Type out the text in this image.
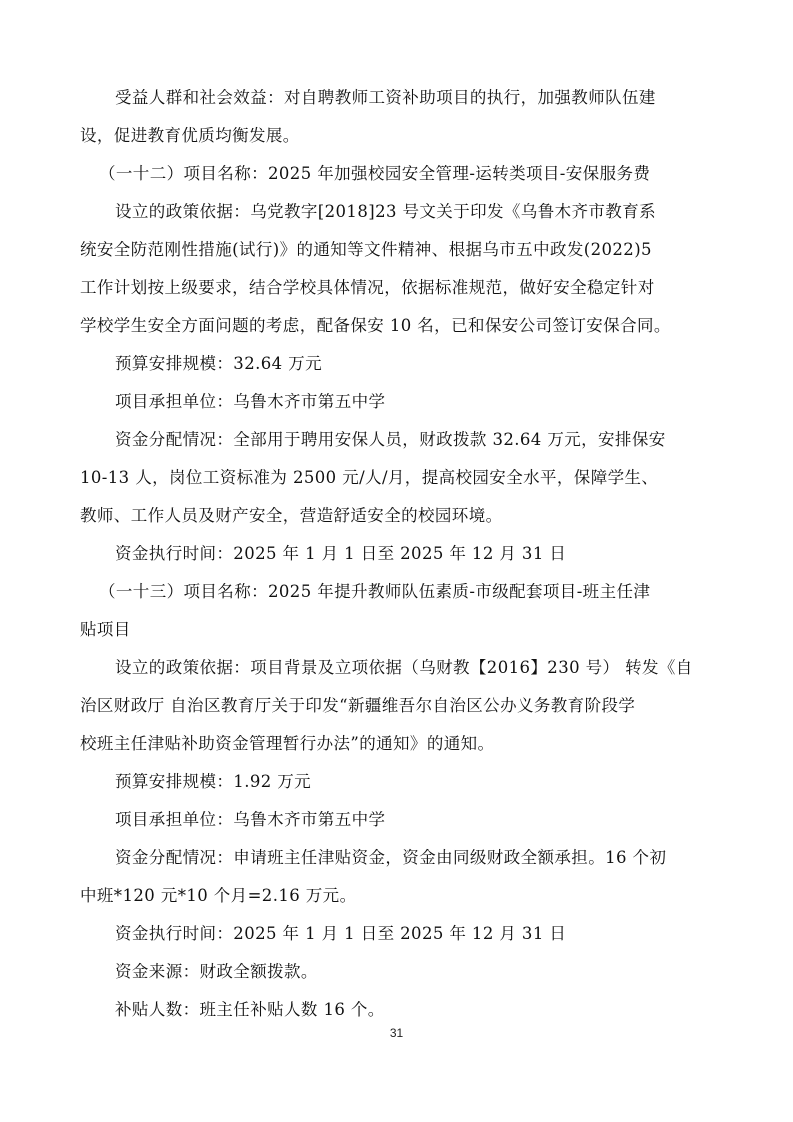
受益人群和社会效益：对自聘教师工资补助项目的执行，加强教师队伍建
设，促进教育优质均衡发展。
（一十二）项目名称：2025 年加强校园安全管理-运转类项目-安保服务费
设立的政策依据：乌党教字[2018]23 号文关于印发《乌鲁木齐市教育系
统安全防范刚性措施(试行)》的通知等文件精神、根据乌市五中政发(2022)5
工作计划按上级要求，结合学校具体情况，依据标准规范，做好安全稳定针对
学校学生安全方面问题的考虑，配备保安 10 名，已和保安公司签订安保合同。
预算安排规模：32.64 万元
项目承担单位：乌鲁木齐市第五中学
资金分配情况：全部用于聘用安保人员，财政拨款 32.64 万元，安排保安
10-13 人，岗位工资标准为 2500 元/人/月，提高校园安全水平，保障学生、
教师、工作人员及财产安全，营造舒适安全的校园环境。
资金执行时间：2025 年 1 月 1 日至 2025 年 12 月 31 日
（一十三）项目名称：2025 年提升教师队伍素质-市级配套项目-班主任津
贴项目
设立的政策依据：项目背景及立项依据（乌财教【2016】230 号） 转发《自
治区财政厅 自治区教育厅关于印发“新疆维吾尔自治区公办义务教育阶段学
校班主任津贴补助资金管理暂行办法”的通知》的通知。
预算安排规模：1.92 万元
项目承担单位：乌鲁木齐市第五中学
资金分配情况：申请班主任津贴资金，资金由同级财政全额承担。16 个初
中班*120 元*10 个月=2.16 万元。
资金执行时间：2025 年 1 月 1 日至 2025 年 12 月 31 日
资金来源：财政全额拨款。
补贴人数：班主任补贴人数 16 个。
31
